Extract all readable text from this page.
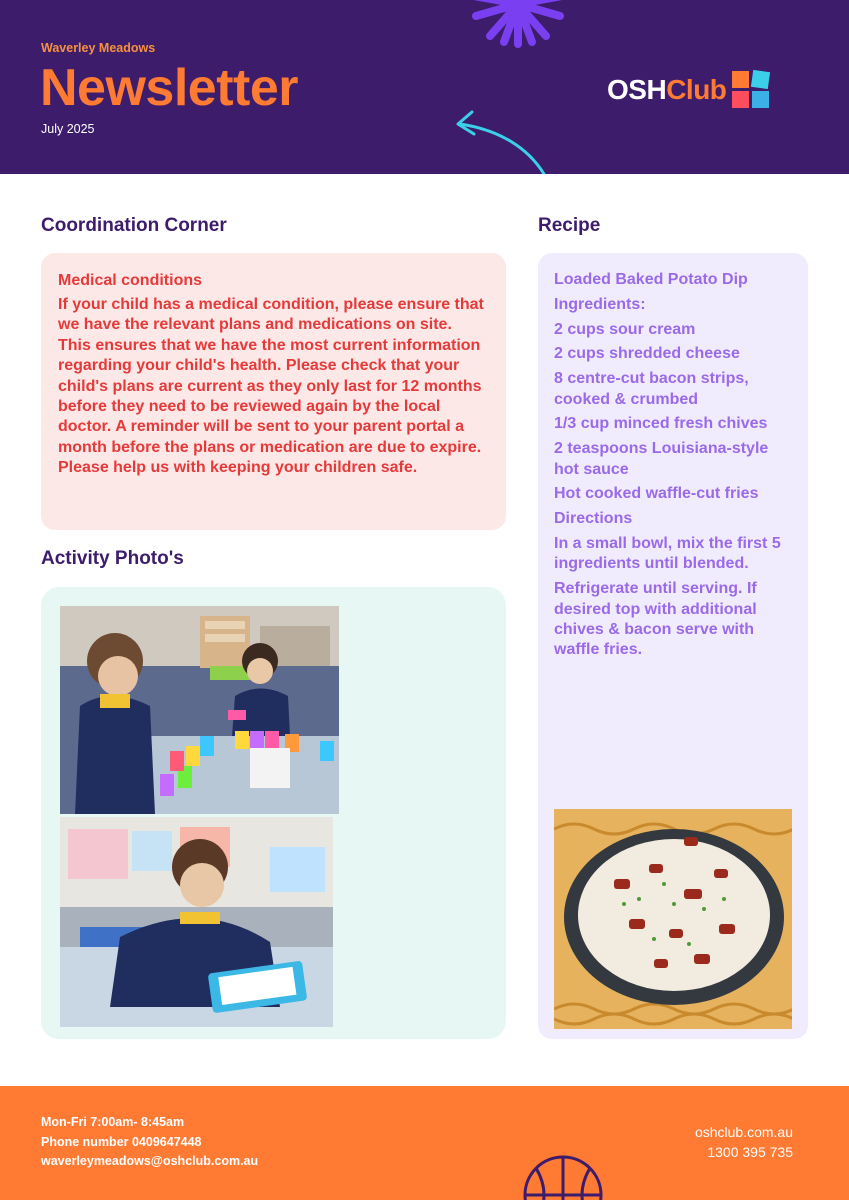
Waverley Meadows
Newsletter
July 2025
OSH Club
Coordination Corner
Medical conditions
If your child has a medical condition, please ensure that we have the relevant plans and medications on site. This ensures that we have the most current information regarding your child's health. Please check that your child's plans are current as they only last for 12 months before they need to be reviewed again by the local doctor. A reminder will be sent to your parent portal a month before the plans or medication are due to expire. Please help us with keeping your children safe.
Activity Photo's
Recipe
Loaded Baked Potato Dip
Ingredients:
2 cups sour cream
2 cups shredded cheese
8 centre-cut bacon strips, cooked & crumbed
1/3 cup minced fresh chives
2 teaspoons Louisiana-style hot sauce
Hot cooked waffle-cut fries
Directions
In a small bowl, mix the first 5 ingredients until blended.
Refrigerate until serving. If desired top with additional chives & bacon serve with waffle fries.
Mon-Fri 7:00am- 8:45am
Phone number 0409647448
waverleymeadows@oshclub.com.au
oshclub.com.au
1300 395 735
